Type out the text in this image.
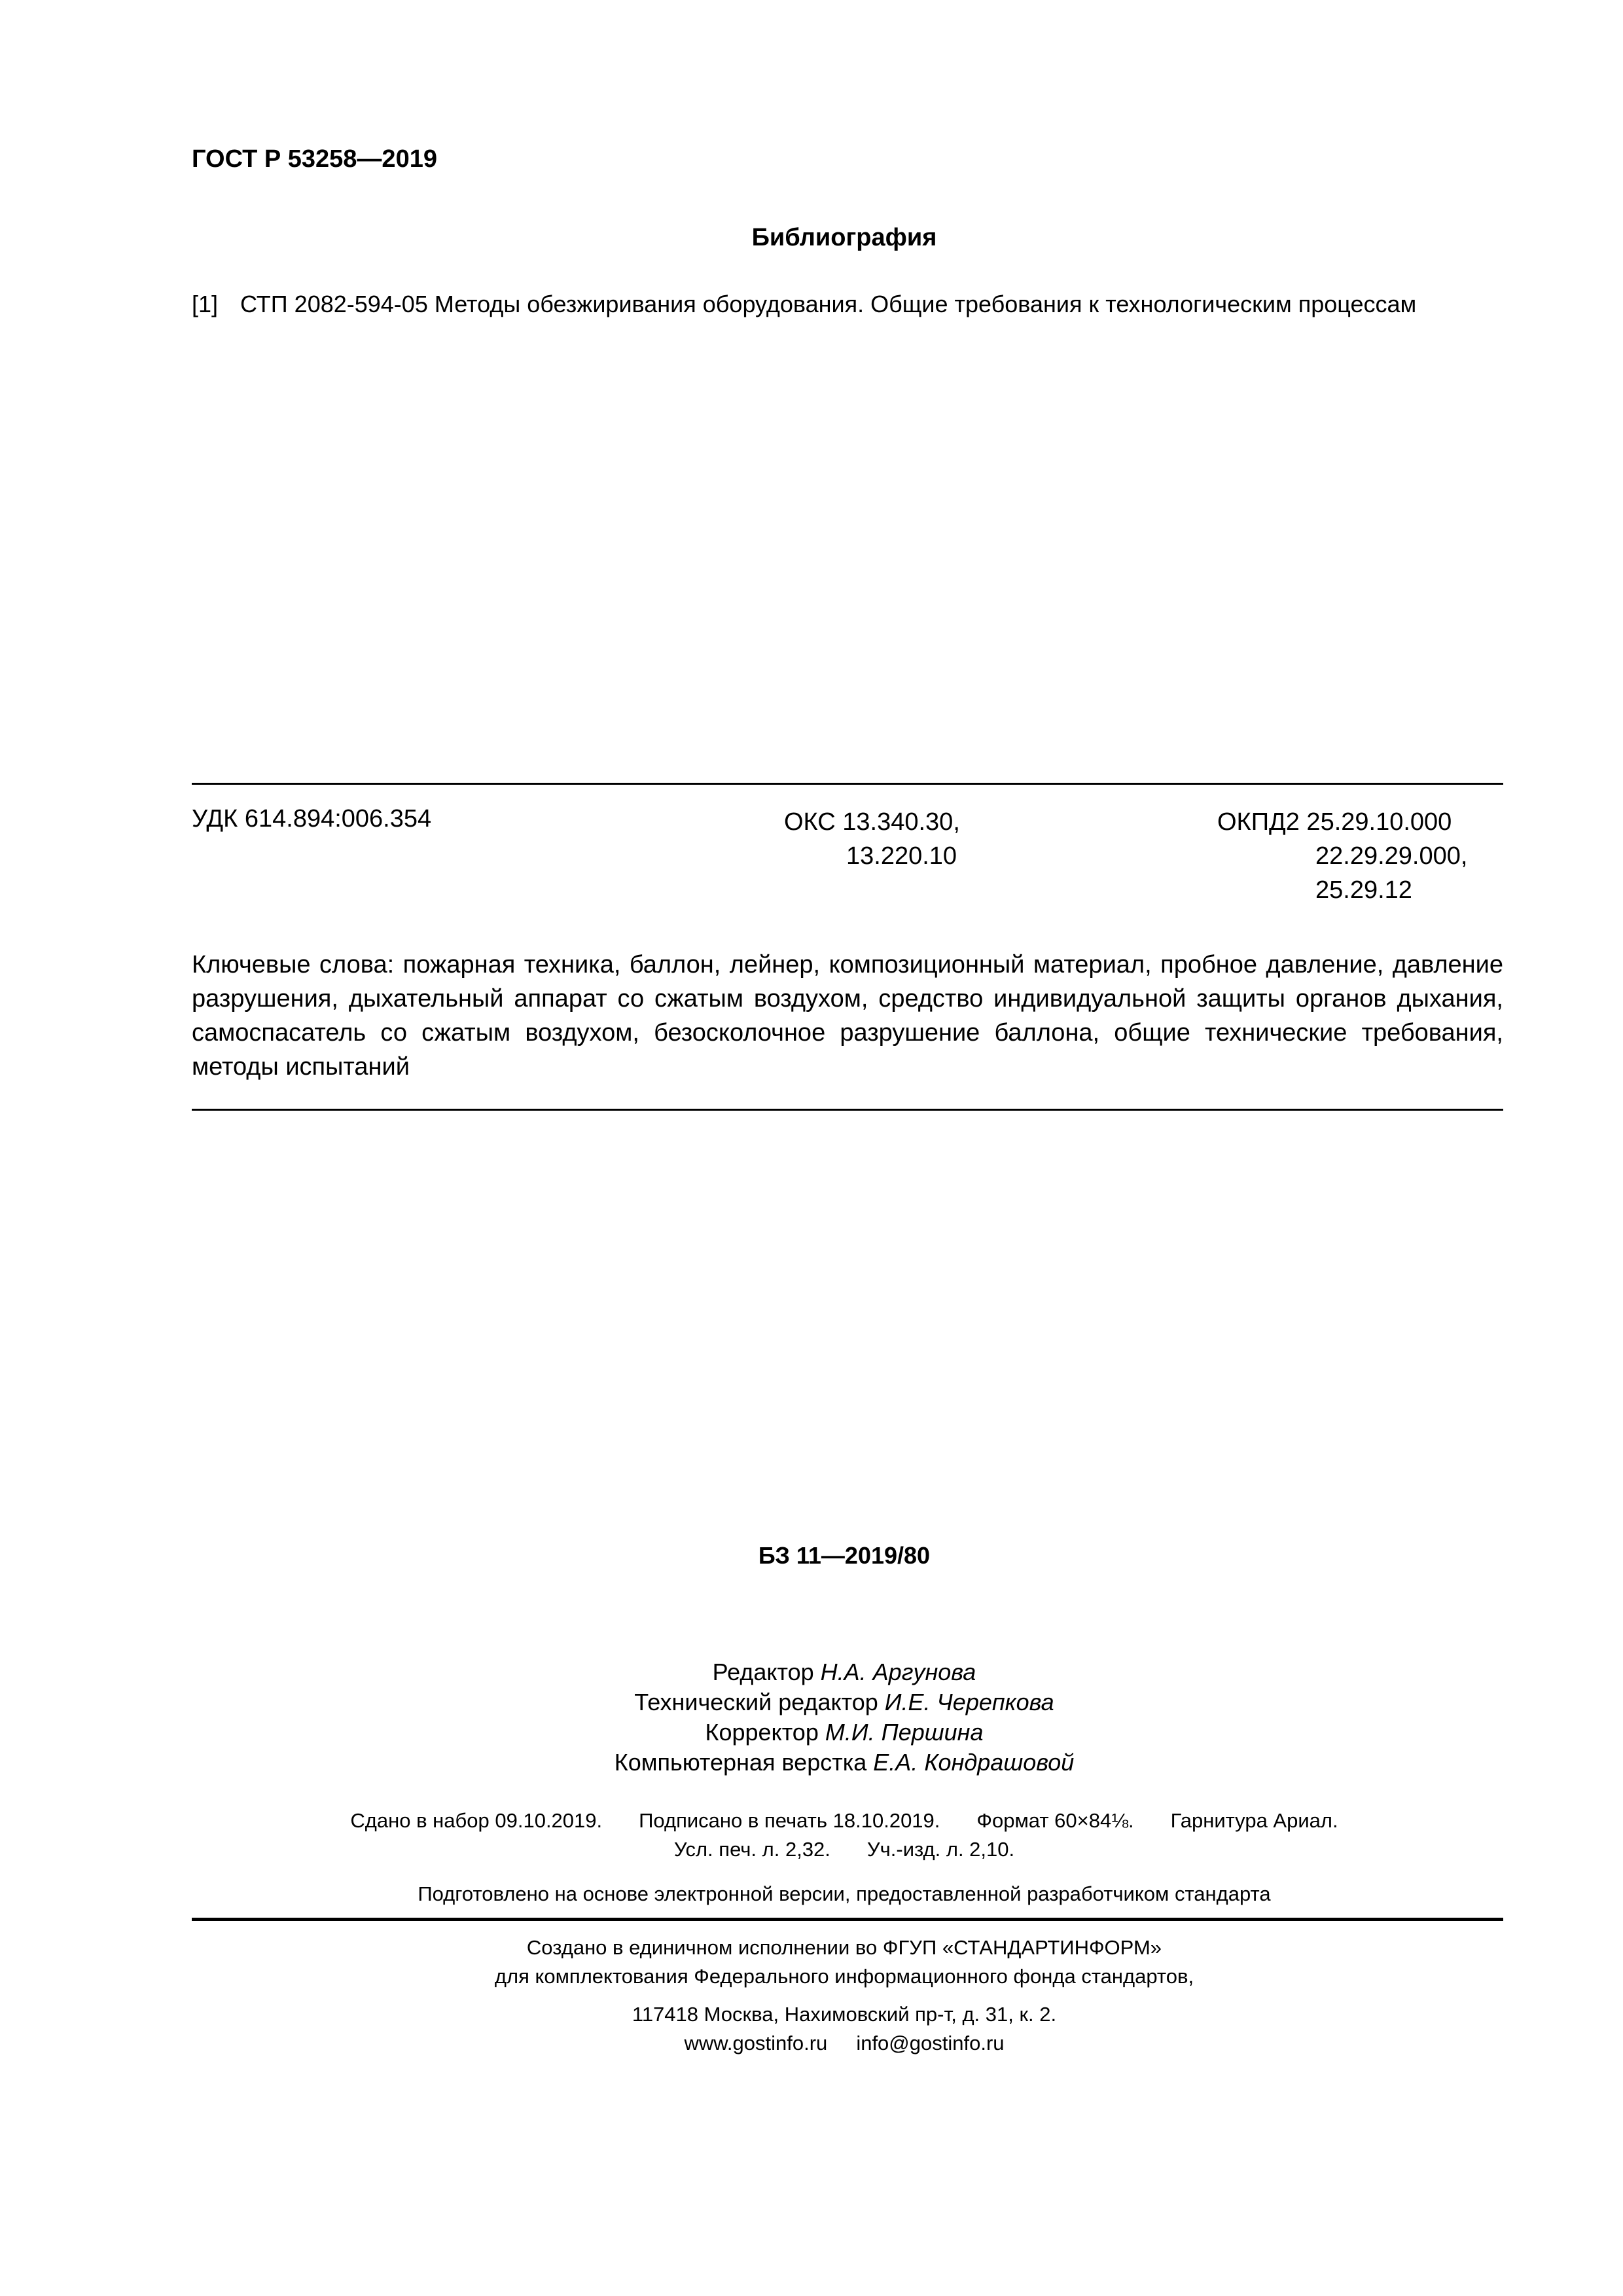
ГОСТ Р 53258—2019
Библиография
[1] СТП 2082-594-05 Методы обезжиривания оборудования. Общие требования к технологическим процессам
УДК 614.894:006.354	ОКС 13.340.30,
13.220.10
ОКПД2 25.29.10.000
22.29.29.000,
25.29.12
Ключевые слова: пожарная техника, баллон, лейнер, композиционный материал, пробное давление, давление разрушения, дыхательный аппарат со сжатым воздухом, средство индивидуальной защиты органов дыхания, самоспасатель со сжатым воздухом, безосколочное разрушение баллона, общие технические требования, методы испытаний
БЗ 11—2019/80
Редактор Н.А. Аргунова
Технический редактор И.Е. Черепкова
Корректор М.И. Першина
Компьютерная верстка Е.А. Кондрашовой
Сдано в набор 09.10.2019. Подписано в печать 18.10.2019. Формат 60×84⅛. Гарнитура Ариал.
Усл. печ. л. 2,32. Уч.-изд. л. 2,10.
Подготовлено на основе электронной версии, предоставленной разработчиком стандарта
Создано в единичном исполнении во ФГУП «СТАНДАРТИНФОРМ»
для комплектования Федерального информационного фонда стандартов,
117418 Москва, Нахимовский пр-т, д. 31, к. 2.
www.gostinfo.ru info@gostinfo.ru
